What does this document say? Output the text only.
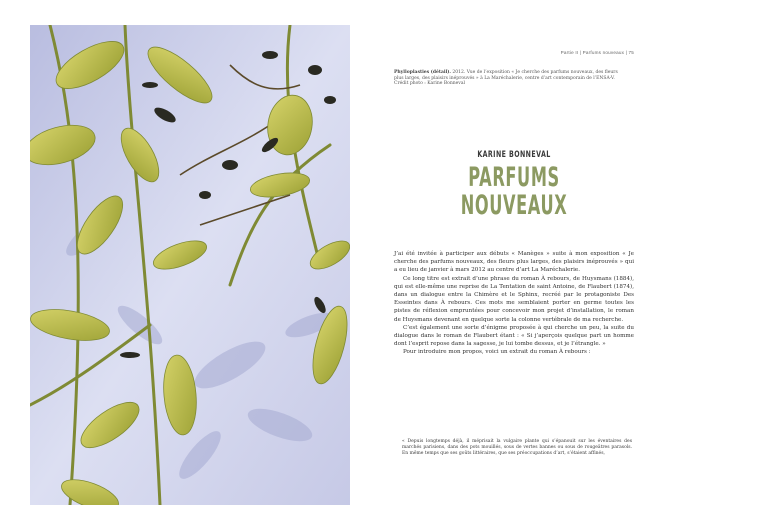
Partie II | Parfums nouveaux | 75
Phylloplasties (détail). 2012. Vue de l’exposition « Je cherche des parfums nouveaux, des fleurs plus larges, des plaisirs inéprouvés » à La Maréchalerie, centre d’art contemporain de l’ENSA-V. Crédit photo : Karine Bonneval
KARINE BONNEVAL
PARFUMS NOUVEAUX

J’ai été invitée à participer aux débuts « Manèges » suite à mon exposition « Je cherche des parfums nouveaux, des fleurs plus larges, des plaisirs inéprouvés » qui a eu lieu de janvier à mars 2012 au centre d’art La Maréchalerie.

Ce long titre est extrait d’une phrase du roman À rebours, de Huysmans (1884), qui est elle-même une reprise de La Tentation de saint Antoine, de Flaubert (1874), dans un dialogue entre la Chimère et le Sphinx, recréé par le protagoniste Des Esseintes dans À rebours. Ces mots me semblaient porter en germe toutes les pistes de réflexion empruntées pour concevoir mon projet d’installation, le roman de Huysmans devenant en quelque sorte la colonne vertébrale de ma recherche.

C’est également une sorte d’énigme proposée à qui cherche un peu, la suite du dialogue dans le roman de Flaubert étant : « Si j’aperçois quelque part un homme dont l’esprit repose dans la sagesse, je lui tombe dessus, et je l’étrangle. »

Pour introduire mon propos, voici un extrait du roman À rebours :

« Depuis longtemps déjà, il méprisait la vulgaire plante qui s’épanouit sur les éventaires des marchés parisiens, dans des pots mouillés, sous de vertes bannes ou sous de rougeâtres parasols. En même temps que ses goûts littéraires, que ses préoccupations d’art, s’étaient affinés,
